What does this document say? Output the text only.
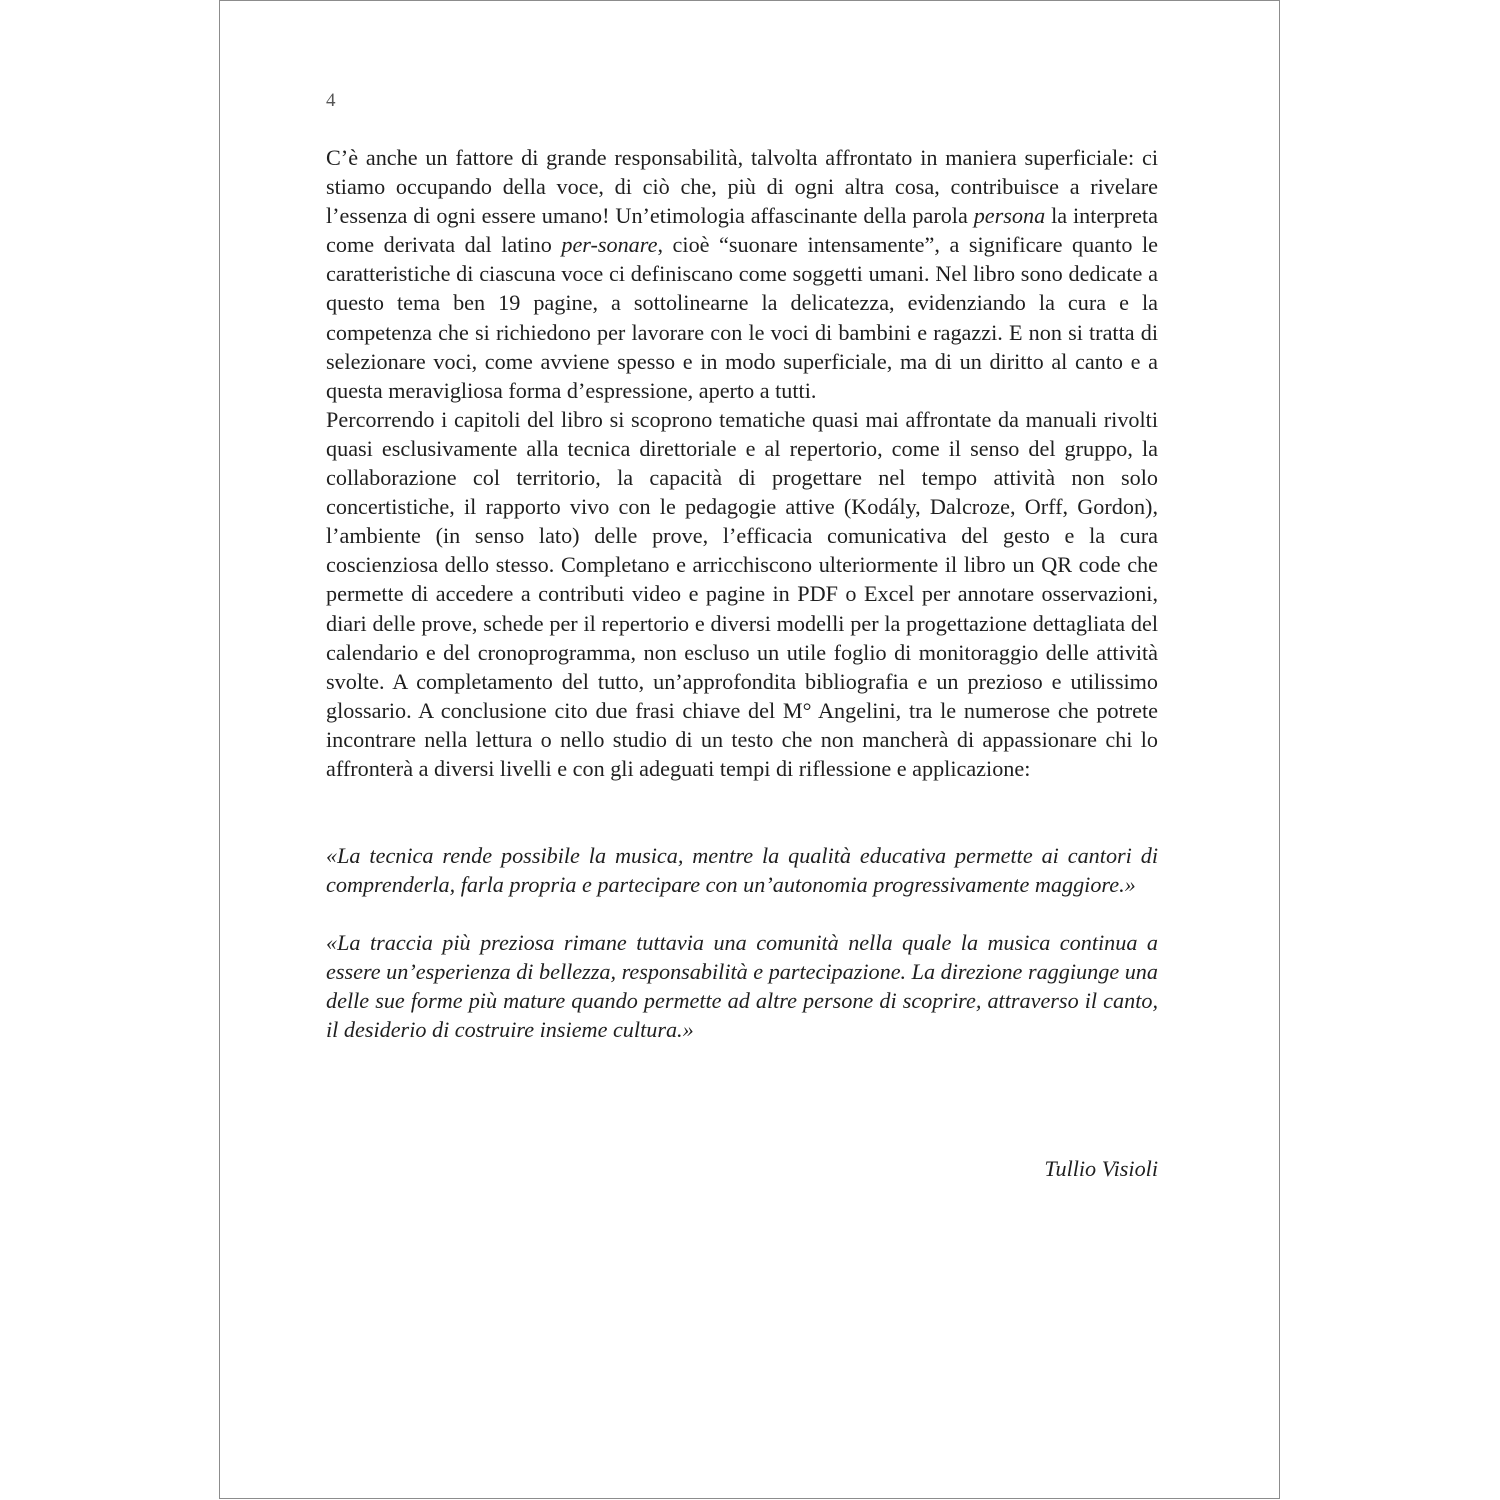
4

C’è anche un fattore di grande responsabilità, talvolta affrontato in maniera superficiale: ci stiamo occupando della voce, di ciò che, più di ogni altra cosa, contribuisce a rivelare l’essenza di ogni essere umano! Un’etimologia affascinante della parola persona la interpreta come derivata dal latino per-sonare, cioè “suonare intensamente”, a significare quanto le caratteristiche di ciascuna voce ci definiscano come soggetti umani. Nel libro sono dedicate a questo tema ben 19 pagine, a sottolinearne la delicatezza, evidenziando la cura e la competenza che si richiedono per lavorare con le voci di bambini e ragazzi. E non si tratta di selezionare voci, come avviene spesso e in modo superficiale, ma di un diritto al canto e a questa meravigliosa forma d’espressione, aperto a tutti.

Percorrendo i capitoli del libro si scoprono tematiche quasi mai affrontate da manuali rivolti quasi esclusivamente alla tecnica direttoriale e al repertorio, come il senso del gruppo, la collaborazione col territorio, la capacità di progettare nel tempo attività non solo concertistiche, il rapporto vivo con le pedagogie attive (Kodály, Dalcroze, Orff, Gordon), l’ambiente (in senso lato) delle prove, l’efficacia comunicativa del gesto e la cura coscienziosa dello stesso. Completano e arricchiscono ulteriormente il libro un QR code che permette di accedere a contributi video e pagine in PDF o Excel per annotare osservazioni, diari delle prove, schede per il repertorio e diversi modelli per la progettazione dettagliata del calendario e del cronoprogramma, non escluso un utile foglio di monitoraggio delle attività svolte. A completamento del tutto, un’approfondita bibliografia e un prezioso e utilissimo glossario. A conclusione cito due frasi chiave del M° Angelini, tra le numerose che potrete incontrare nella lettura o nello studio di un testo che non mancherà di appassionare chi lo affronterà a diversi livelli e con gli adeguati tempi di riflessione e applicazione:

«La tecnica rende possibile la musica, mentre la qualità educativa permette ai cantori di comprenderla, farla propria e partecipare con un’autonomia progressivamente maggiore.»

«La traccia più preziosa rimane tuttavia una comunità nella quale la musica continua a essere un’esperienza di bellezza, responsabilità e partecipazione. La direzione raggiunge una delle sue forme più mature quando permette ad altre persone di scoprire, attraverso il canto, il desiderio di costruire insieme cultura.»

Tullio Visioli
